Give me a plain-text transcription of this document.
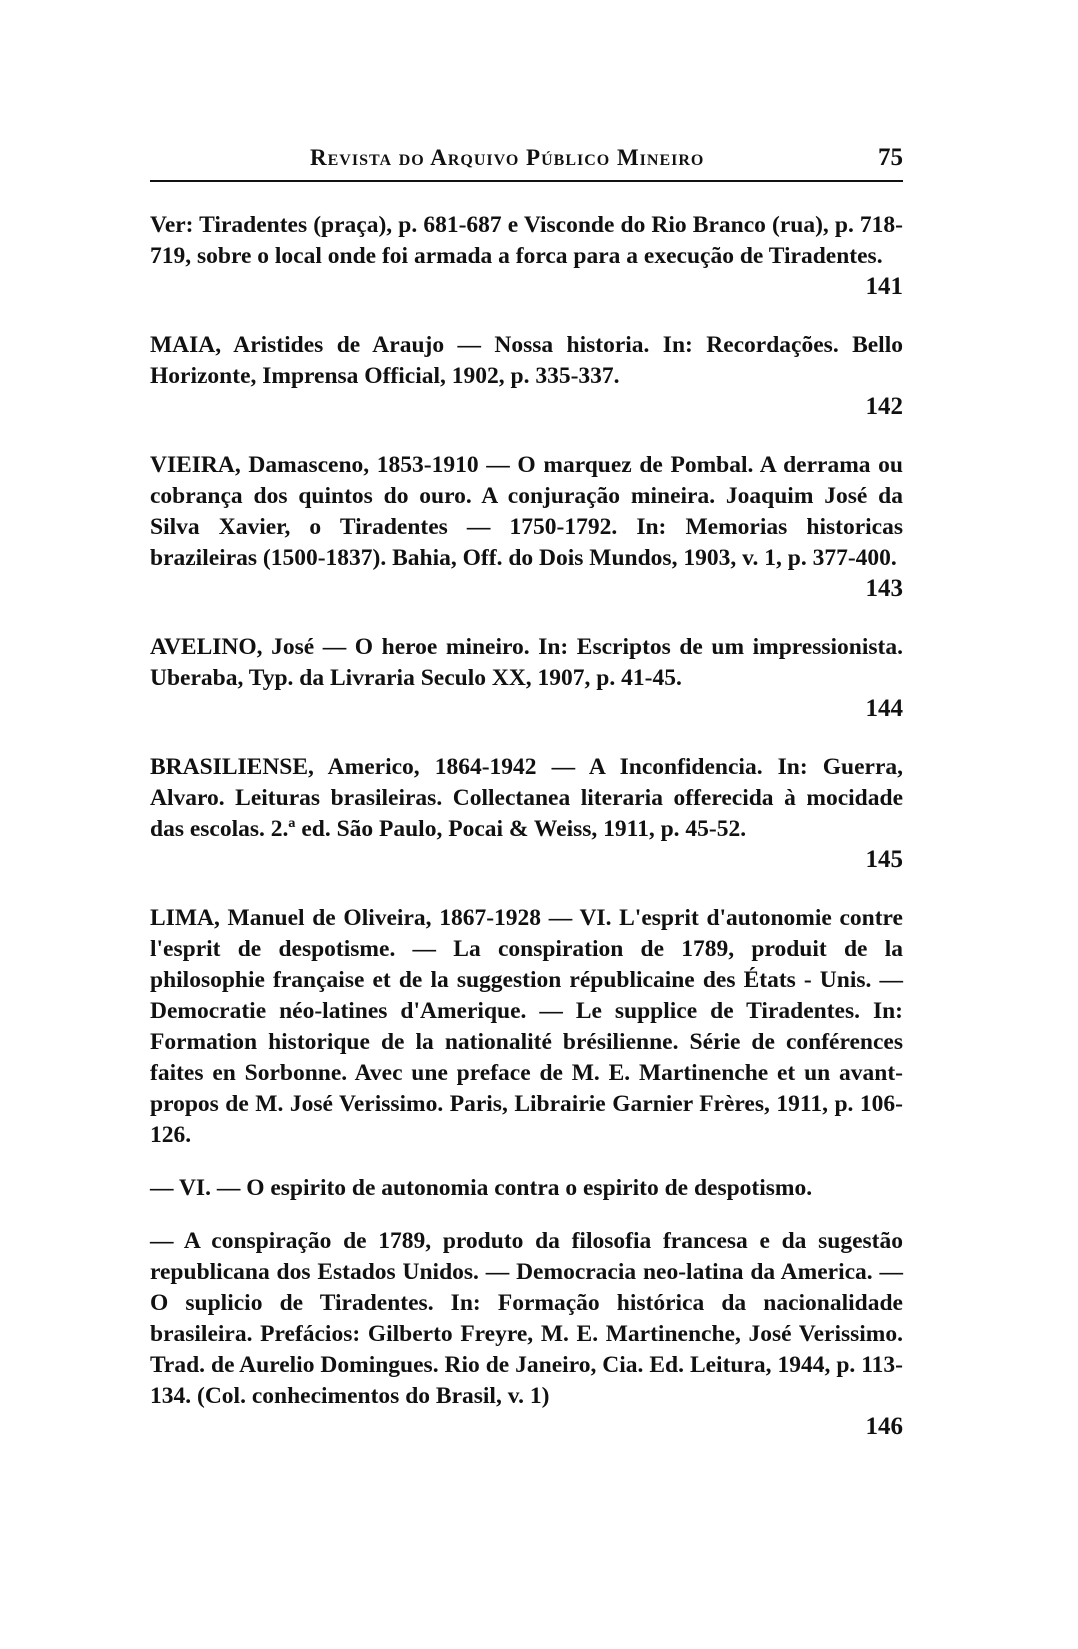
Revista do Arquivo Público Mineiro	75

Ver: Tiradentes (praça), p. 681-687 e Visconde do Rio Branco (rua), p. 718-719, sobre o local onde foi armada a forca para a execução de Tiradentes.

141

MAIA, Aristides de Araujo — Nossa historia. In: Recordações. Bello Horizonte, Imprensa Official, 1902, p. 335-337.

142

VIEIRA, Damasceno, 1853-1910 — O marquez de Pombal. A derrama ou cobrança dos quintos do ouro. A conjuração mineira. Joaquim José da Silva Xavier, o Tiradentes — 1750-1792. In: Memorias historicas brazileiras (1500-1837). Bahia, Off. do Dois Mundos, 1903, v. 1, p. 377-400.

143

AVELINO, José — O heroe mineiro. In: Escriptos de um impressionista. Uberaba, Typ. da Livraria Seculo XX, 1907, p. 41-45.

144

BRASILIENSE, Americo, 1864-1942 — A Inconfidencia. In: Guerra, Alvaro. Leituras brasileiras. Collectanea literaria offerecida à mocidade das escolas. 2.ª ed. São Paulo, Pocai & Weiss, 1911, p. 45-52.

145

LIMA, Manuel de Oliveira, 1867-1928 — VI. L'esprit d'autonomie contre l'esprit de despotisme. — La conspiration de 1789, produit de la philosophie française et de la suggestion républicaine des États - Unis. — Democratie néo-latines d'Amerique. — Le supplice de Tiradentes. In: Formation historique de la nationalité brésilienne. Série de conférences faites en Sorbonne. Avec une preface de M. E. Martinenche et un avant-propos de M. José Verissimo. Paris, Librairie Garnier Frères, 1911, p. 106-126.

— VI. — O espirito de autonomia contra o espirito de despotismo.

— A conspiração de 1789, produto da filosofia francesa e da sugestão republicana dos Estados Unidos. — Democracia neo-latina da America. — O suplicio de Tiradentes. In: Formação histórica da nacionalidade brasileira. Prefácios: Gilberto Freyre, M. E. Martinenche, José Verissimo. Trad. de Aurelio Domingues. Rio de Janeiro, Cia. Ed. Leitura, 1944, p. 113-134. (Col. conhecimentos do Brasil, v. 1)

146
